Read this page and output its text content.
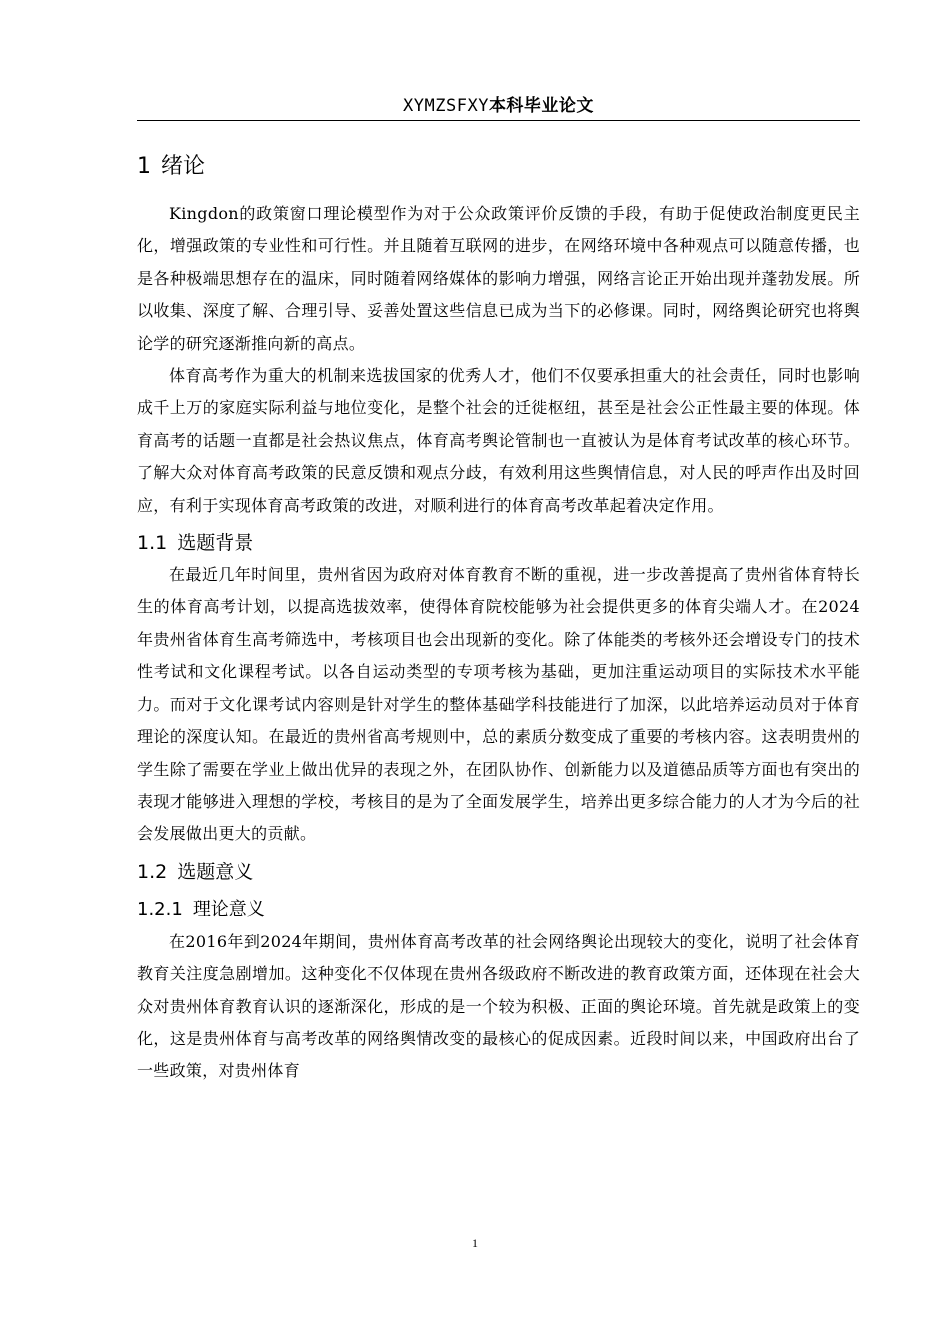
XYMZSFXY本科毕业论文
1 绪论

Kingdon的政策窗口理论模型作为对于公众政策评价反馈的手段，有助于促使政治制度更民主化，增强政策的专业性和可行性。并且随着互联网的进步，在网络环境中各种观点可以随意传播，也是各种极端思想存在的温床，同时随着网络媒体的影响力增强，网络言论正开始出现并蓬勃发展。所以收集、深度了解、合理引导、妥善处置这些信息已成为当下的必修课。同时，网络舆论研究也将舆论学的研究逐渐推向新的高点。

体育高考作为重大的机制来选拔国家的优秀人才，他们不仅要承担重大的社会责任，同时也影响成千上万的家庭实际利益与地位变化，是整个社会的迁徙枢纽，甚至是社会公正性最主要的体现。体育高考的话题一直都是社会热议焦点，体育高考舆论管制也一直被认为是体育考试改革的核心环节。了解大众对体育高考政策的民意反馈和观点分歧，有效利用这些舆情信息，对人民的呼声作出及时回应，有利于实现体育高考政策的改进，对顺利进行的体育高考改革起着决定作用。

1.1 选题背景

在最近几年时间里，贵州省因为政府对体育教育不断的重视，进一步改善提高了贵州省体育特长生的体育高考计划，以提高选拔效率，使得体育院校能够为社会提供更多的体育尖端人才。在2024年贵州省体育生高考筛选中，考核项目也会出现新的变化。除了体能类的考核外还会增设专门的技术性考试和文化课程考试。以各自运动类型的专项考核为基础，更加注重运动项目的实际技术水平能力。而对于文化课考试内容则是针对学生的整体基础学科技能进行了加深，以此培养运动员对于体育理论的深度认知。在最近的贵州省高考规则中，总的素质分数变成了重要的考核内容。这表明贵州的学生除了需要在学业上做出优异的表现之外，在团队协作、创新能力以及道德品质等方面也有突出的表现才能够进入理想的学校，考核目的是为了全面发展学生，培养出更多综合能力的人才为今后的社会发展做出更大的贡献。

1.2 选题意义
1.2.1 理论意义

在2016年到2024年期间，贵州体育高考改革的社会网络舆论出现较大的变化，说明了社会体育教育关注度急剧增加。这种变化不仅体现在贵州各级政府不断改进的教育政策方面，还体现在社会大众对贵州体育教育认识的逐渐深化，形成的是一个较为积极、正面的舆论环境。首先就是政策上的变化，这是贵州体育与高考改革的网络舆情改变的最核心的促成因素。近段时间以来，中国政府出台了一些政策，对贵州体育

1
